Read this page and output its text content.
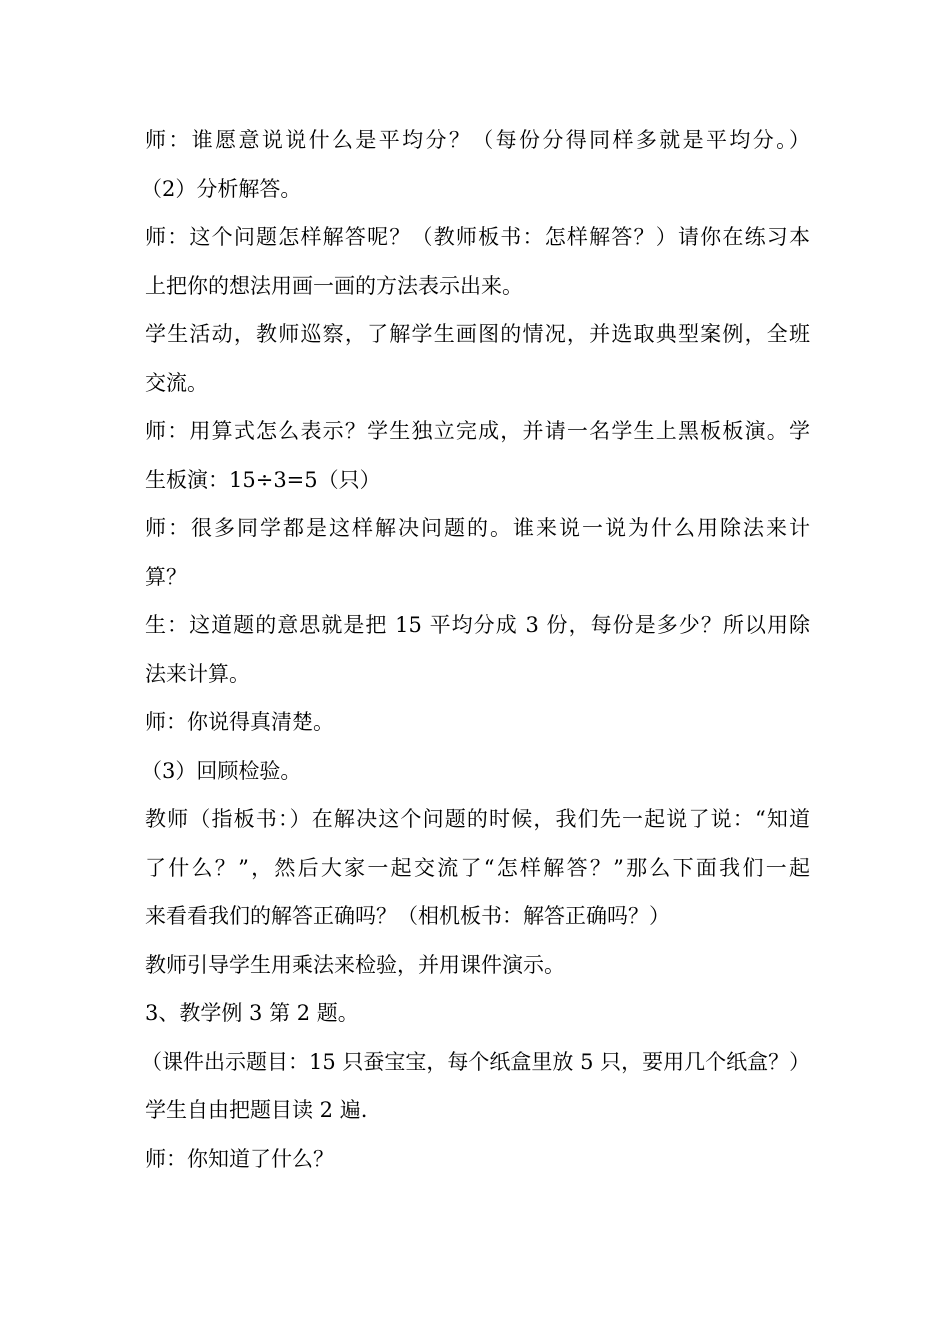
师：谁愿意说说什么是平均分？（每份分得同样多就是平均分。）

（2）分析解答。

师：这个问题怎样解答呢？（教师板书：怎样解答？）请你在练习本

上把你的想法用画一画的方法表示出来。

学生活动，教师巡察，了解学生画图的情况，并选取典型案例，全班

交流。

师：用算式怎么表示？学生独立完成，并请一名学生上黑板板演。学

生板演：15÷3=5（只）

师：很多同学都是这样解决问题的。谁来说一说为什么用除法来计

算？

生：这道题的意思就是把 15 平均分成 3 份，每份是多少？所以用除

法来计算。

师：你说得真清楚。

（3）回顾检验。

教师（指板书：）在解决这个问题的时候，我们先一起说了说：“知道

了什么？”，然后大家一起交流了“怎样解答？”那么下面我们一起

来看看我们的解答正确吗？（相机板书：解答正确吗？）

教师引导学生用乘法来检验，并用课件演示。

3、教学例 3 第 2 题。

（课件出示题目：15 只蚕宝宝，每个纸盒里放 5 只，要用几个纸盒？）

学生自由把题目读 2 遍.

师：你知道了什么？
